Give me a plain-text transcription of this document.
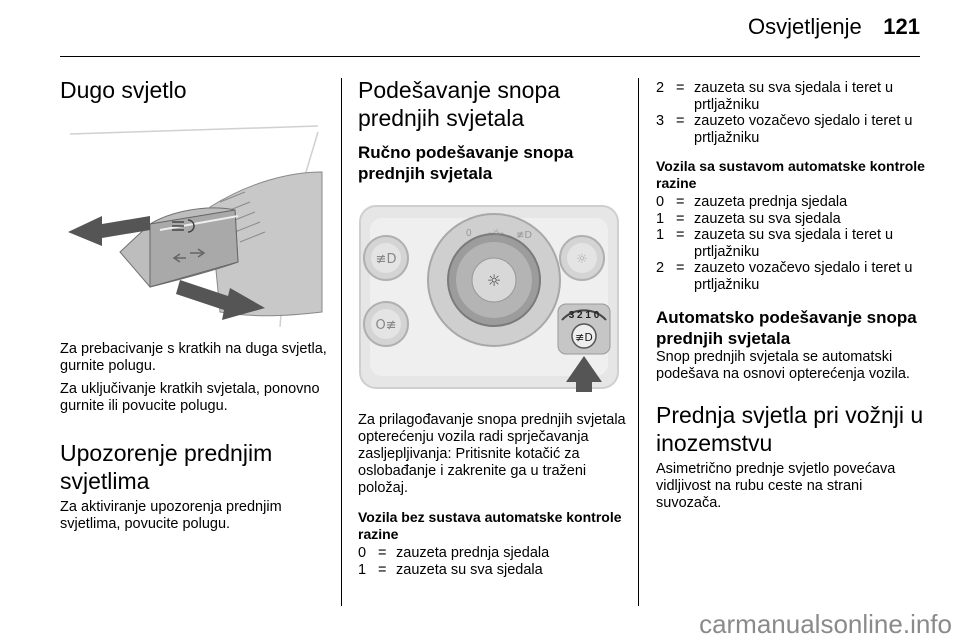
Osvjetljenje 121
Dugo svjetlo

Za prebacivanje s kratkih na duga svjetla, gurnite polugu.

Za uključivanje kratkih svjetala, ponovno gurnite ili povucite polugu.

Upozorenje prednjim svjetlima

Za aktiviranje upozorenja prednjim svjetlima, povucite polugu.

Podešavanje snopa prednjih svjetala
Ručno podešavanje snopa prednjih svjetala
≢D
O≢
☼
0 -☼- ≢D
☼
3 2 1 0
≢D

Za prilagođavanje snopa prednjih svjetala opterećenju vozila radi sprječavanja zasljepljivanja: Pritisnite kotačić za oslobađanje i zakrenite ga u traženi položaj.

Vozila bez sustava automatske kontrole razine

0 = zauzeta prednja sjedala
1 = zauzeta su sva sjedala
2 = zauzeta su sva sjedala i teret u prtljažniku
3 = zauzeto vozačevo sjedalo i teret u prtljažniku

Vozila sa sustavom automatske kontrole razine

0 = zauzeta prednja sjedala
1 = zauzeta su sva sjedala
1 = zauzeta su sva sjedala i teret u prtljažniku
2 = zauzeto vozačevo sjedalo i teret u prtljažniku
Automatsko podešavanje snopa prednjih svjetala

Snop prednjih svjetala se automatski podešava na osnovi opterećenja vozila.

Prednja svjetla pri vožnji u inozemstvu

Asimetrično prednje svjetlo povećava vidljivost na rubu ceste na strani suvozača.

carmanualsonline.info
